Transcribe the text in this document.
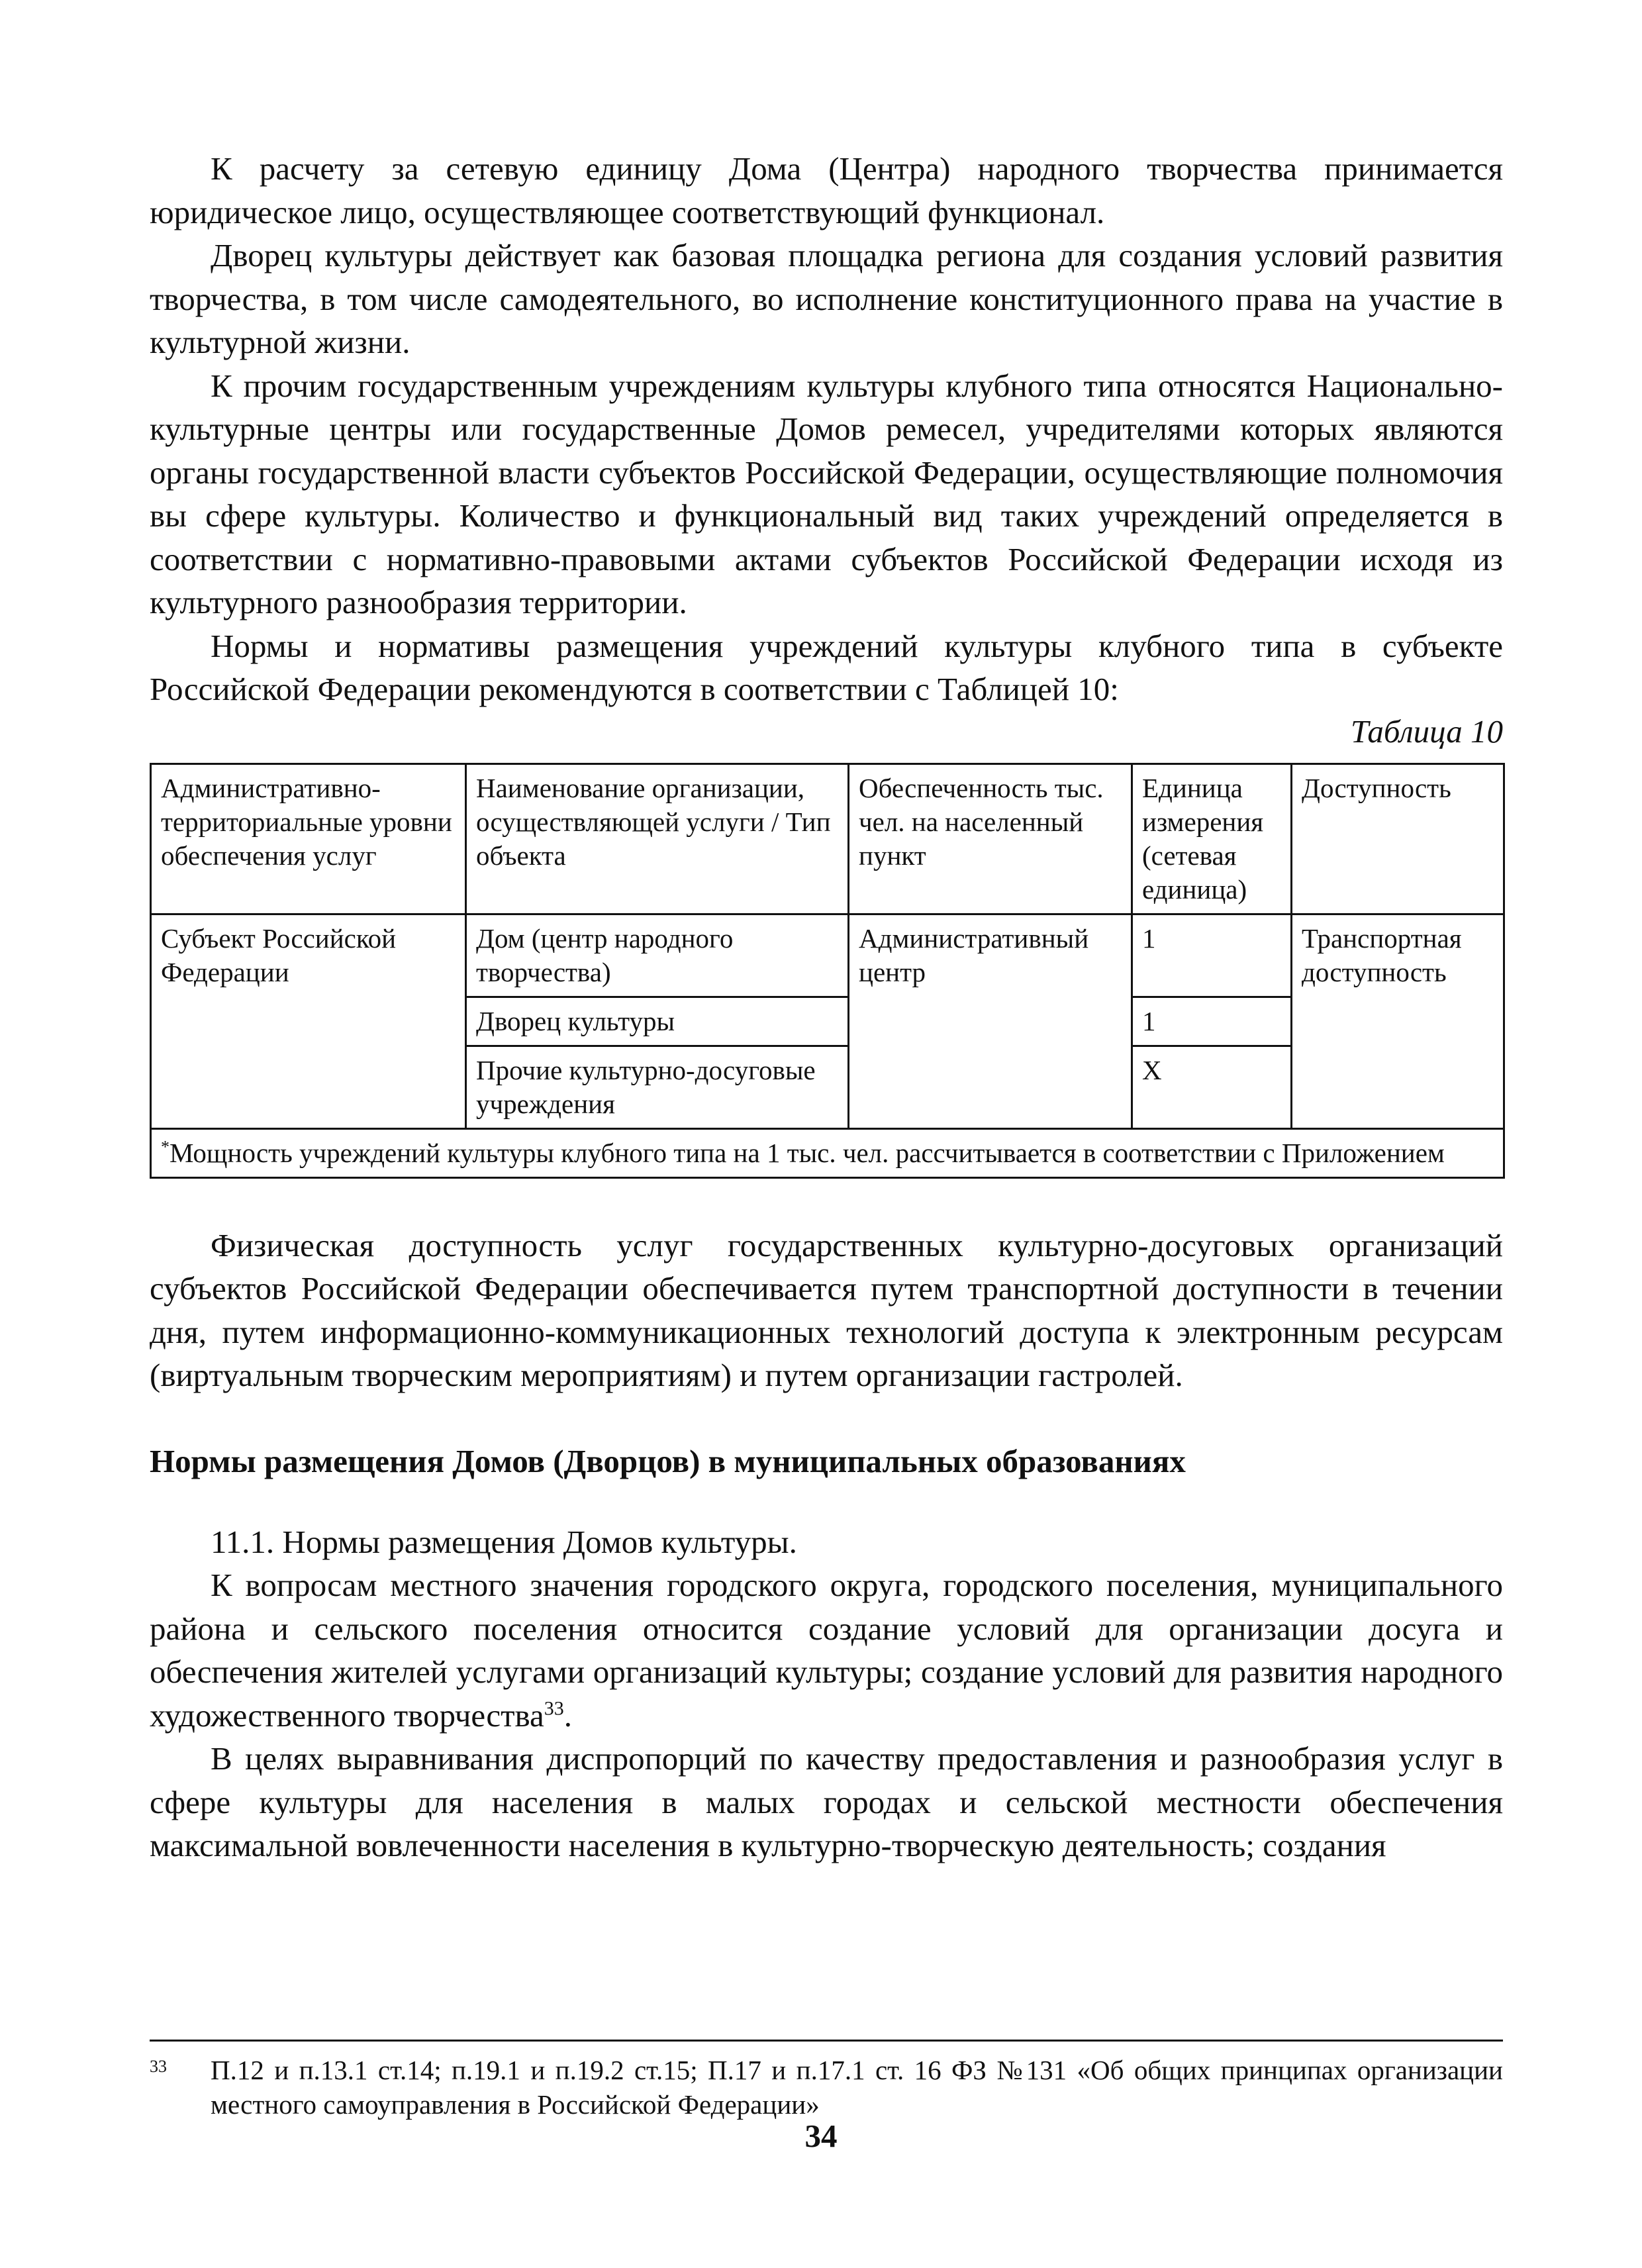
К расчету за сетевую единицу Дома (Центра) народного творчества принимается юридическое лицо, осуществляющее соответствующий функционал.

Дворец культуры действует как базовая площадка региона для создания условий развития творчества, в том числе самодеятельного, во исполнение конституционного права на участие в культурной жизни.

К прочим государственным учреждениям культуры клубного типа относятся Национально-культурные центры или государственные Домов ремесел, учредителями которых являются органы государственной власти субъектов Российской Федерации, осуществляющие полномочия вы сфере культуры. Количество и функциональный вид таких учреждений определяется в соответствии с нормативно-правовыми актами субъектов Российской Федерации исходя из культурного разнообразия территории.

Нормы и нормативы размещения учреждений культуры клубного типа в субъекте Российской Федерации рекомендуются в соответствии с Таблицей 10:

Таблица 10
Административно-территориальные уровни обеспечения услуг	Наименование организации, осуществляющей услуги / Тип объекта	Обеспеченность тыс. чел. на населенный пункт	Единица измерения (сетевая единица)	Доступность
Субъект Российской Федерации	Дом (центр народного творчества)	Административный центр	1	Транспортная доступность
	Дворец культуры		1	
	Прочие культурно-досуговые учреждения		Х	
*Мощность учреждений культуры клубного типа на 1 тыс. чел. рассчитывается в соответствии с Приложением				

Физическая доступность услуг государственных культурно-досуговых организаций субъектов Российской Федерации обеспечивается путем транспортной доступности в течении дня, путем информационно-коммуникационных технологий доступа к электронным ресурсам (виртуальным творческим мероприятиям) и путем организации гастролей.

Нормы размещения Домов (Дворцов) в муниципальных образованиях

11.1. Нормы размещения Домов культуры.

К вопросам местного значения городского округа, городского поселения, муниципального района и сельского поселения относится создание условий для организации досуга и обеспечения жителей услугами организаций культуры; создание условий для развития народного художественного творчества$^{33}$.

В целях выравнивания диспропорций по качеству предоставления и разнообразия услуг в сфере культуры для населения в малых городах и сельской местности обеспечения максимальной вовлеченности населения в культурно-творческую деятельность; создания

33	П.12 и п.13.1 ст.14; п.19.1 и п.19.2 ст.15; П.17 и п.17.1 ст. 16 ФЗ №131 «Об общих принципах организации местного самоуправления в Российской Федерации»
34
